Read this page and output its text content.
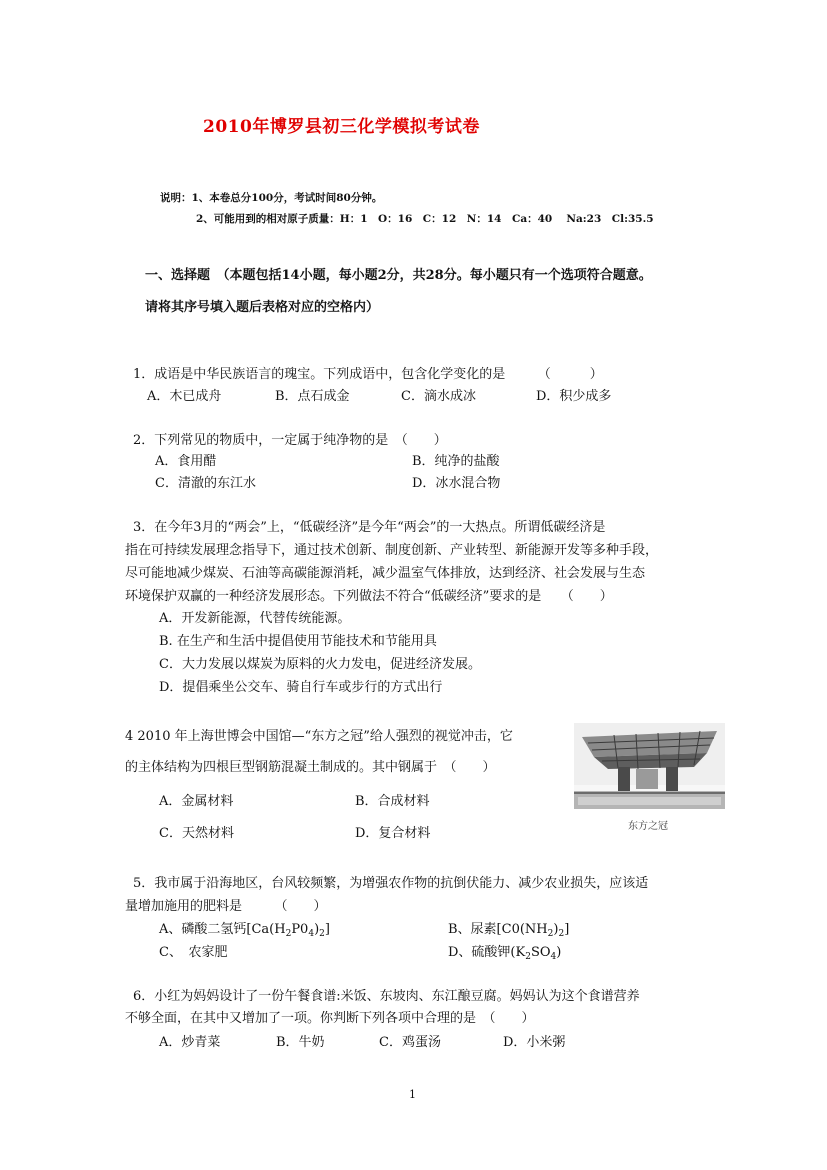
2010年博罗县初三化学模拟考试卷
说明：1、本卷总分100分，考试时间80分钟。
2、可能用到的相对原子质量：H：1　O：16　C：12　N：14　Ca：40　 Na:23　Cl:35.5
一、选择题　（本题包括14小题，每小题2分，共28分。每小题只有一个选项符合题意。
请将其序号填入题后表格对应的空格内）
1．成语是中华民族语言的瑰宝。下列成语中，包含化学变化的是　　　（　　　）
A．木已成舟	B．点石成金	C．滴水成冰	D．积少成多
2．下列常见的物质中，一定属于纯净物的是　（　　）
A．食用醋	B．纯净的盐酸
C．清澈的东江水	D．冰水混合物
3．在今年3月的“两会”上，“低碳经济”是今年“两会”的一大热点。所谓低碳经济是
指在可持续发展理念指导下，通过技术创新、制度创新、产业转型、新能源开发等多种手段，
尽可能地减少煤炭、石油等高碳能源消耗，减少温室气体排放，达到经济、社会发展与生态
环境保护双赢的一种经济发展形态。下列做法不符合“低碳经济”要求的是　　（　　）
A．开发新能源，代替传统能源。
B. 在生产和生活中提倡使用节能技术和节能用具
C．大力发展以煤炭为原料的火力发电，促进经济发展。
D．提倡乘坐公交车、骑自行车或步行的方式出行
4 2010 年上海世博会中国馆—“东方之冠”给人强烈的视觉冲击，它
的主体结构为四根巨型钢筋混凝土制成的。其中钢属于　（　　）
A．金属材料	B．合成材料
C．天然材料	D．复合材料	东方之冠
5．我市属于沿海地区，台风较频繁，为增强农作物的抗倒伏能力、减少农业损失，应该适
量增加施用的肥料是　　　（　　）
A、磷酸二氢钙$[Ca(H_2P0_4)_2]$	B、尿素$[C0(NH_2)_2]$
C、　农家肥	D、硫酸钾$(K_2SO_4)$
6．小红为妈妈设计了一份午餐食谱:米饭、东坡肉、东江酿豆腐。妈妈认为这个食谱营养
不够全面，在其中又增加了一项。你判断下列各项中合理的是　（　　）
A．炒青菜	B．牛奶	C．鸡蛋汤	D．小米粥
1
